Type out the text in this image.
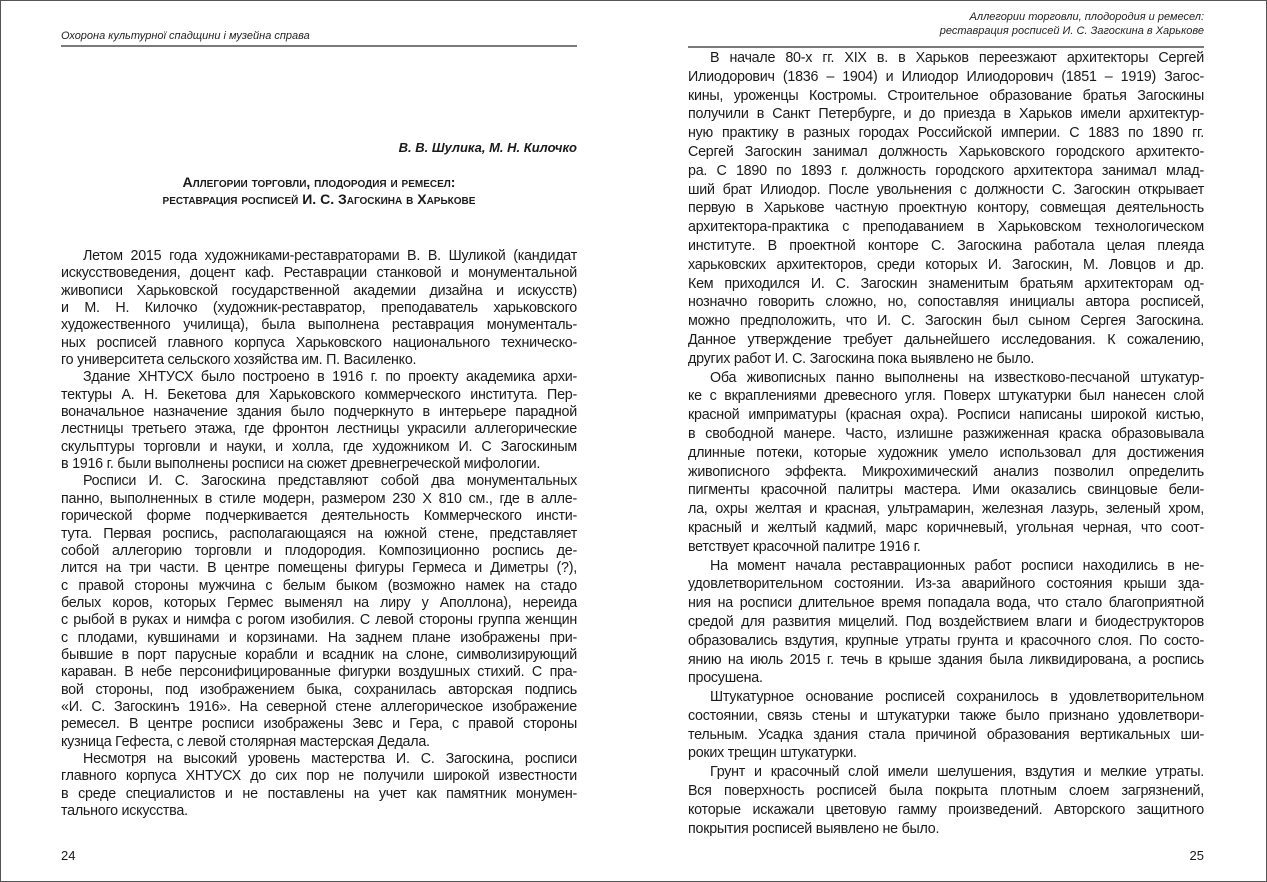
Охорона культурної спадщини і музейна справа
В. В. Шулика, М. Н. Килочко
Аллегории торговли, плодородия и ремесел:
реставрация росписей И. С. Загоскина в Харькове
Летом 2015 года художниками-реставраторами В. В. Шуликой (кандидат
искусствоведения, доцент каф. Реставрации станковой и монументальной
живописи Харьковской государственной академии дизайна и искусств)
и М. Н. Килочко (художник-реставратор, преподаватель харьковского
художественного училища), была выполнена реставрация монументаль-
ных росписей главного корпуса Харьковского национального техническо-
го университета сельского хозяйства им. П. Василенко.
Здание ХНТУСХ было построено в 1916 г. по проекту академика архи-
тектуры А. Н. Бекетова для Харьковского коммерческого института. Пер-
воначальное назначение здания было подчеркнуто в интерьере парадной
лестницы третьего этажа, где фронтон лестницы украсили аллегорические
скульптуры торговли и науки, и холла, где художником И. С Загоскиным
в 1916 г. были выполнены росписи на сюжет древнегреческой мифологии.
Росписи И. С. Загоскина представляют собой два монументальных
панно, выполненных в стиле модерн, размером 230 Х 810 см., где в алле-
горической форме подчеркивается деятельность Коммерческого инсти-
тута. Первая роспись, располагающаяся на южной стене, представляет
собой аллегорию торговли и плодородия. Композиционно роспись де-
лится на три части. В центре помещены фигуры Гермеса и Диметры (?),
с правой стороны мужчина с белым быком (возможно намек на стадо
белых коров, которых Гермес выменял на лиру у Аполлона), нереида
с рыбой в руках и нимфа с рогом изобилия. С левой стороны группа женщин
с плодами, кувшинами и корзинами. На заднем плане изображены при-
бывшие в порт парусные корабли и всадник на слоне, символизирующий
караван. В небе персонифицированные фигурки воздушных стихий. С пра-
вой стороны, под изображением быка, сохранилась авторская подпись
«И. С. Загоскинъ 1916». На северной стене аллегорическое изображение
ремесел. В центре росписи изображены Зевс и Гера, с правой стороны
кузница Гефеста, с левой столярная мастерская Дедала.
Несмотря на высокий уровень мастерства И. С. Загоскина, росписи
главного корпуса ХНТУСХ до сих пор не получили широкой известности
в среде специалистов и не поставлены на учет как памятник монумен-
тального искусства.
24
Аллегории торговли, плодородия и ремесел:
реставрация росписей И. С. Загоскина в Харькове
В начале 80-х гг. XIX в. в Харьков переезжают архитекторы Сергей
Илиодорович (1836 – 1904) и Илиодор Илиодорович (1851 – 1919) Загос-
кины, уроженцы Костромы. Строительное образование братья Загоскины
получили в Санкт Петербурге, и до приезда в Харьков имели архитектур-
ную практику в разных городах Российской империи. С 1883 по 1890 гг.
Сергей Загоскин занимал должность Харьковского городского архитекто-
ра. С 1890 по 1893 г. должность городского архитектора занимал млад-
ший брат Илиодор. После увольнения с должности С. Загоскин открывает
первую в Харькове частную проектную контору, совмещая деятельность
архитектора-практика с преподаванием в Харьковском технологическом
институте. В проектной конторе С. Загоскина работала целая плеяда
харьковских архитекторов, среди которых И. Загоскин, М. Ловцов и др.
Кем приходился И. С. Загоскин знаменитым братьям архитекторам од-
нозначно говорить сложно, но, сопоставляя инициалы автора росписей,
можно предположить, что И. С. Загоскин был сыном Сергея Загоскина.
Данное утверждение требует дальнейшего исследования. К сожалению,
других работ И. С. Загоскина пока выявлено не было.
Оба живописных панно выполнены на известково-песчаной штукатур-
ке с вкраплениями древесного угля. Поверх штукатурки был нанесен слой
красной имприматуры (красная охра). Росписи написаны широкой кистью,
в свободной манере. Часто, излишне разжиженная краска образовывала
длинные потеки, которые художник умело использовал для достижения
живописного эффекта. Микрохимический анализ позволил определить
пигменты красочной палитры мастера. Ими оказались свинцовые бели-
ла, охры желтая и красная, ультрамарин, железная лазурь, зеленый хром,
красный и желтый кадмий, марс коричневый, угольная черная, что соот-
ветствует красочной палитре 1916 г.
На момент начала реставрационных работ росписи находились в не-
удовлетворительном состоянии. Из-за аварийного состояния крыши зда-
ния на росписи длительное время попадала вода, что стало благоприятной
средой для развития мицелий. Под воздействием влаги и биодеструкторов
образовались вздутия, крупные утраты грунта и красочного слоя. По состо-
янию на июль 2015 г. течь в крыше здания была ликвидирована, а роспись
просушена.
Штукатурное основание росписей сохранилось в удовлетворительном
состоянии, связь стены и штукатурки также было признано удовлетвори-
тельным. Усадка здания стала причиной образования вертикальных ши-
роких трещин штукатурки.
Грунт и красочный слой имели шелушения, вздутия и мелкие утраты.
Вся поверхность росписей была покрыта плотным слоем загрязнений,
которые искажали цветовую гамму произведений. Авторского защитного
покрытия росписей выявлено не было.
25
